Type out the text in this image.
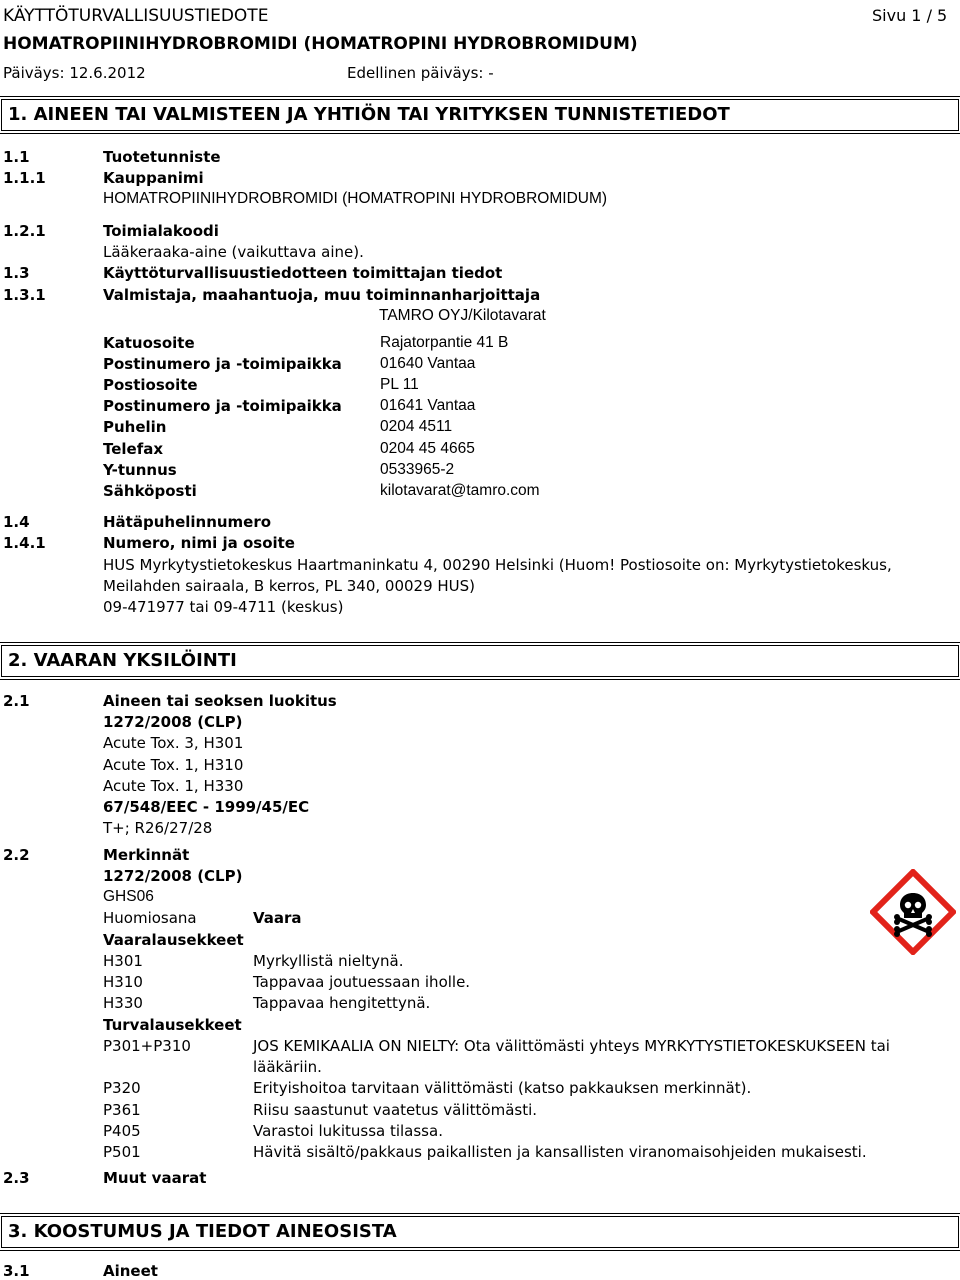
KÄYTTÖTURVALLISUUSTIEDOTE	Sivu 1 / 5
HOMATROPIINIHYDROBROMIDI (HOMATROPINI HYDROBROMIDUM)
Päiväys: 12.6.2012	Edellinen päiväys: -
1. AINEEN TAI VALMISTEEN JA YHTIÖN TAI YRITYKSEN TUNNISTETIEDOT
1.1	Tuotetunniste
1.1.1	Kauppanimi
HOMATROPIINIHYDROBROMIDI (HOMATROPINI HYDROBROMIDUM)
1.2.1	Toimialakoodi
Lääkeraaka-aine (vaikuttava aine).
1.3	Käyttöturvallisuustiedotteen toimittajan tiedot
1.3.1	Valmistaja, maahantuoja, muu toiminnanharjoittaja
TAMRO OYJ/Kilotavarat
Katuosoite	Rajatorpantie 41 B
Postinumero ja -toimipaikka 01640 Vantaa
Postiosoite	PL 11
Postinumero ja -toimipaikka 01641 Vantaa
Puhelin	0204 4511
Telefax	0204 45 4665
Y-tunnus	0533965-2
Sähköposti	kilotavarat@tamro.com
1.4	Hätäpuhelinnumero
1.4.1	Numero, nimi ja osoite
HUS Myrkytystietokeskus Haartmaninkatu 4, 00290 Helsinki (Huom! Postiosoite on: Myrkytystietokeskus,
Meilahden sairaala, B kerros, PL 340, 00029 HUS)
09-471977 tai 09-4711 (keskus)
2. VAARAN YKSILÖINTI
2.1	Aineen tai seoksen luokitus
1272/2008 (CLP)
Acute Tox. 3, H301
Acute Tox. 1, H310
Acute Tox. 1, H330
67/548/EEC - 1999/45/EC
T+; R26/27/28
2.2	Merkinnät
1272/2008 (CLP)
GHS06
Huomiosana	Vaara
Vaaralausekkeet
H301	Myrkyllistä nieltynä.
H310	Tappavaa joutuessaan iholle.
H330	Tappavaa hengitettynä.
Turvalausekkeet
P301+P310	JOS KEMIKAALIA ON NIELTY: Ota välittömästi yhteys MYRKYTYSTIETOKESKUKSEEN tai
lääkäriin.
P320	Erityishoitoa tarvitaan välittömästi (katso pakkauksen merkinnät).
P361	Riisu saastunut vaatetus välittömästi.
P405	Varastoi lukitussa tilassa.
P501	Hävitä sisältö/pakkaus paikallisten ja kansallisten viranomaisohjeiden mukaisesti.
2.3	Muut vaarat
3. KOOSTUMUS JA TIEDOT AINEOSISTA
3.1	Aineet
